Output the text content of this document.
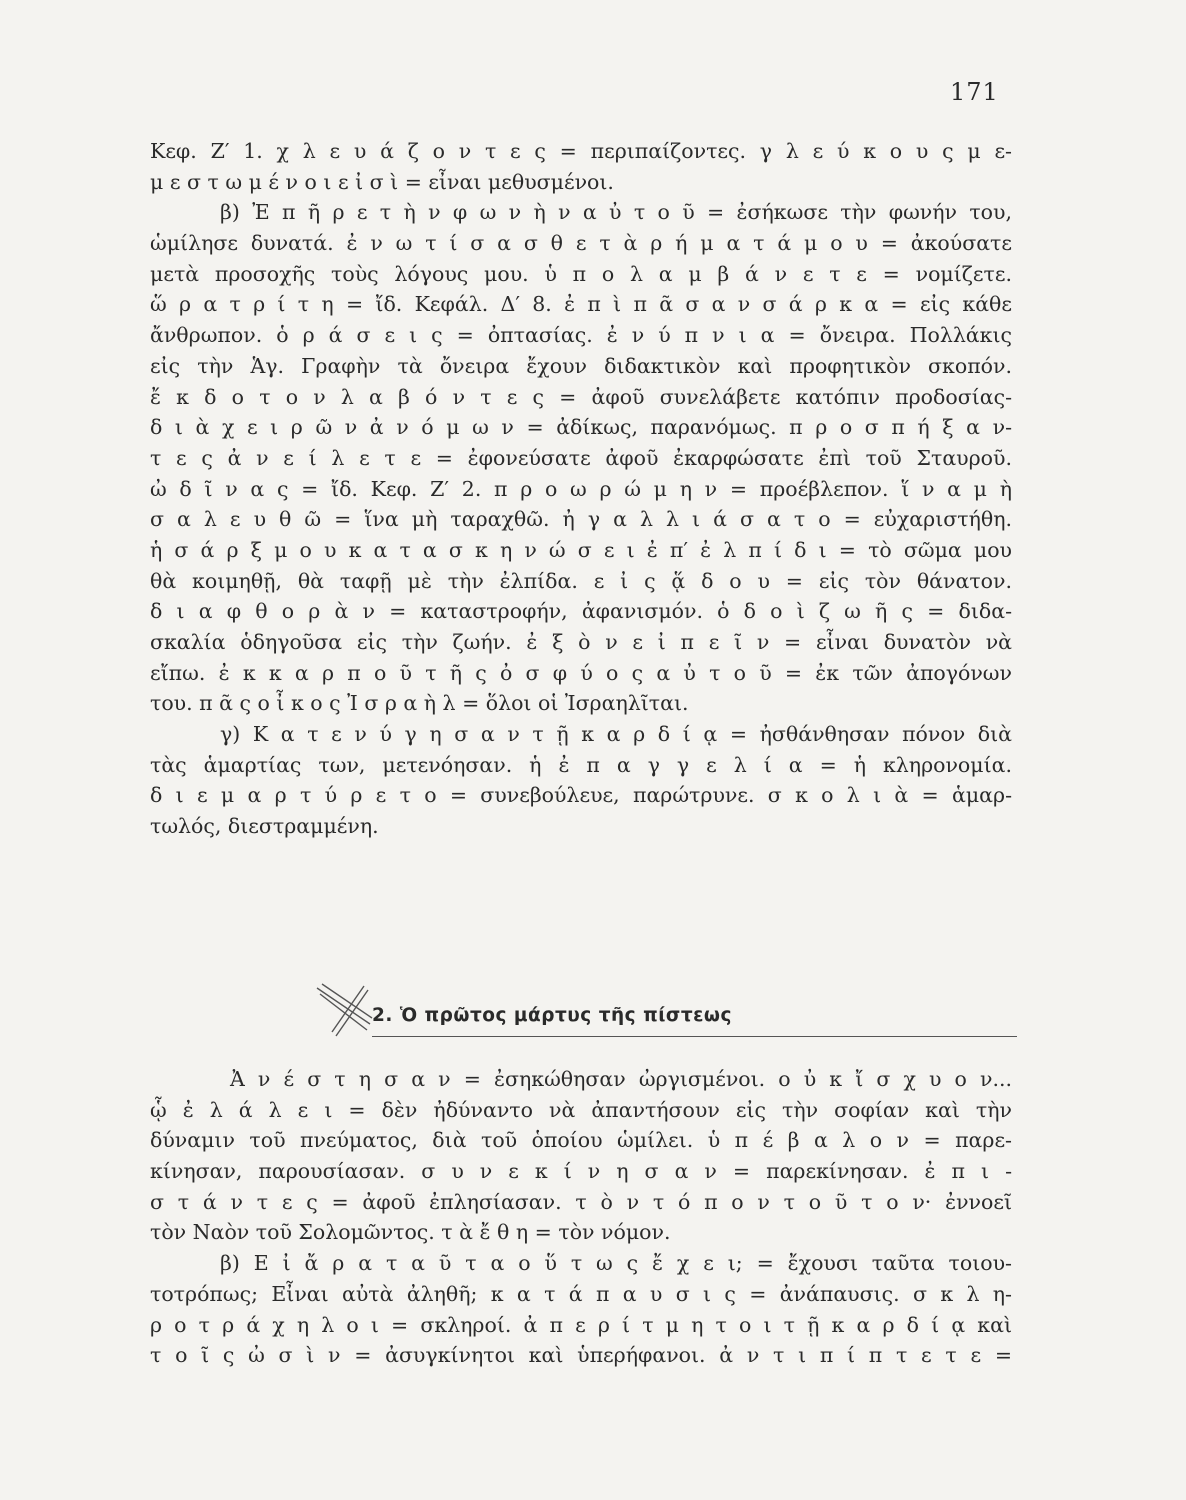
171
Κεφ. Ζ′ 1. χ λ ε υ ά ζ ο ν τ ε ς = περιπαίζοντες. γ λ ε ύ κ ο υ ς μ ε-
μ ε σ τ ω μ έ ν ο ι ε ἰ σ ὶ = εἶναι μεθυσμένοι.
β) Ἐ π ῆ ρ ε τ ὴ ν φ ω ν ὴ ν α ὐ τ ο ῦ = ἐσήκωσε τὴν φωνήν του,
ὡμίλησε δυνατά. ἐ ν ω τ ί σ α σ θ ε τ ὰ ρ ή μ α τ ά μ ο υ = ἀκούσατε
μετὰ προσοχῆς τοὺς λόγους μου. ὑ π ο λ α μ β ά ν ε τ ε = νομίζετε.
ὥ ρ α τ ρ ί τ η = ἴδ. Κεφάλ. Δ′ 8. ἐ π ὶ π ᾶ σ α ν σ ά ρ κ α = εἰς κάθε
ἄνθρωπον. ὁ ρ ά σ ε ι ς = ὀπτασίας. ἐ ν ύ π ν ι α = ὄνειρα. Πολλάκις
εἰς τὴν Ἁγ. Γραφὴν τὰ ὄνειρα ἔχουν διδακτικὸν καὶ προφητικὸν σκοπόν.
ἔ κ δ ο τ ο ν λ α β ό ν τ ε ς = ἀφοῦ συνελάβετε κατόπιν προδοσίας-
δ ι ὰ χ ε ι ρ ῶ ν ἀ ν ό μ ω ν = ἀδίκως, παρανόμως. π ρ ο σ π ή ξ α ν-
τ ε ς ἀ ν ε ί λ ε τ ε = ἐφονεύσατε ἀφοῦ ἐκαρφώσατε ἐπὶ τοῦ Σταυροῦ.
ὠ δ ῖ ν α ς = ἴδ. Κεφ. Ζ′ 2. π ρ ο ω ρ ώ μ η ν = προέβλεπον. ἵ ν α μ ὴ
σ α λ ε υ θ ῶ = ἵνα μὴ ταραχθῶ. ἠ γ α λ λ ι ά σ α τ ο = εὐχαριστήθη.
ἡ σ ά ρ ξ μ ο υ κ α τ α σ κ η ν ώ σ ε ι ἐ π′ ἐ λ π ί δ ι = τὸ σῶμα μου
θὰ κοιμηθῇ, θὰ ταφῇ μὲ τὴν ἐλπίδα. ε ἰ ς ᾅ δ ο υ = εἰς τὸν θάνατον.
δ ι α φ θ ο ρ ὰ ν = καταστροφήν, ἀφανισμόν. ὁ δ ο ὶ ζ ω ῆ ς = διδα-
σκαλία ὁδηγοῦσα εἰς τὴν ζωήν. ἐ ξ ὸ ν ε ἰ π ε ῖ ν = εἶναι δυνατὸν νὰ
εἴπω. ἐ κ κ α ρ π ο ῦ τ ῆ ς ὀ σ φ ύ ο ς α ὐ τ ο ῦ = ἐκ τῶν ἀπογόνων
του. π ᾶ ς ο ἶ κ ο ς Ἰ σ ρ α ὴ λ = ὅλοι οἱ Ἰσραηλῖται.
γ) Κ α τ ε ν ύ γ η σ α ν τ ῇ κ α ρ δ ί ᾳ = ἠσθάνθησαν πόνον διὰ
τὰς ἁμαρτίας των, μετενόησαν. ἡ ἐ π α γ γ ε λ ί α = ἡ κληρονομία.
δ ι ε μ α ρ τ ύ ρ ε τ ο = συνεβούλευε, παρώτρυνε. σ κ ο λ ι ὰ = ἁμαρ-
τωλός, διεστραμμένη.
2. Ὁ πρῶτος μάρτυς τῆς πίστεως
Ἀ ν έ σ τ η σ α ν = ἐσηκώθησαν ὠργισμένοι. ο ὐ κ ἴ σ χ υ ο ν...
ᾧ ἐ λ ά λ ε ι = δὲν ἠδύναντο νὰ ἀπαντήσουν εἰς τὴν σοφίαν καὶ τὴν
δύναμιν τοῦ πνεύματος, διὰ τοῦ ὁποίου ὡμίλει. ὑ π έ β α λ ο ν = παρε-
κίνησαν, παρουσίασαν. σ υ ν ε κ ί ν η σ α ν = παρεκίνησαν. ἐ π ι -
σ τ ά ν τ ε ς = ἀφοῦ ἐπλησίασαν. τ ὸ ν τ ό π ο ν τ ο ῦ τ ο ν· ἐννοεῖ
τὸν Ναὸν τοῦ Σολομῶντος. τ ὰ ἔ θ η = τὸν νόμον.
β) Ε ἰ ἄ ρ α τ α ῦ τ α ο ὕ τ ω ς ἔ χ ε ι; = ἔχουσι ταῦτα τοιου-
τοτρόπως; Εἶναι αὐτὰ ἀληθῆ; κ α τ ά π α υ σ ι ς = ἀνάπαυσις. σ κ λ η-
ρ ο τ ρ ά χ η λ ο ι = σκληροί. ἀ π ε ρ ί τ μ η τ ο ι τ ῇ κ α ρ δ ί ᾳ καὶ
τ ο ῖ ς ὠ σ ὶ ν = ἀσυγκίνητοι καὶ ὑπερήφανοι. ἀ ν τ ι π ί π τ ε τ ε =
